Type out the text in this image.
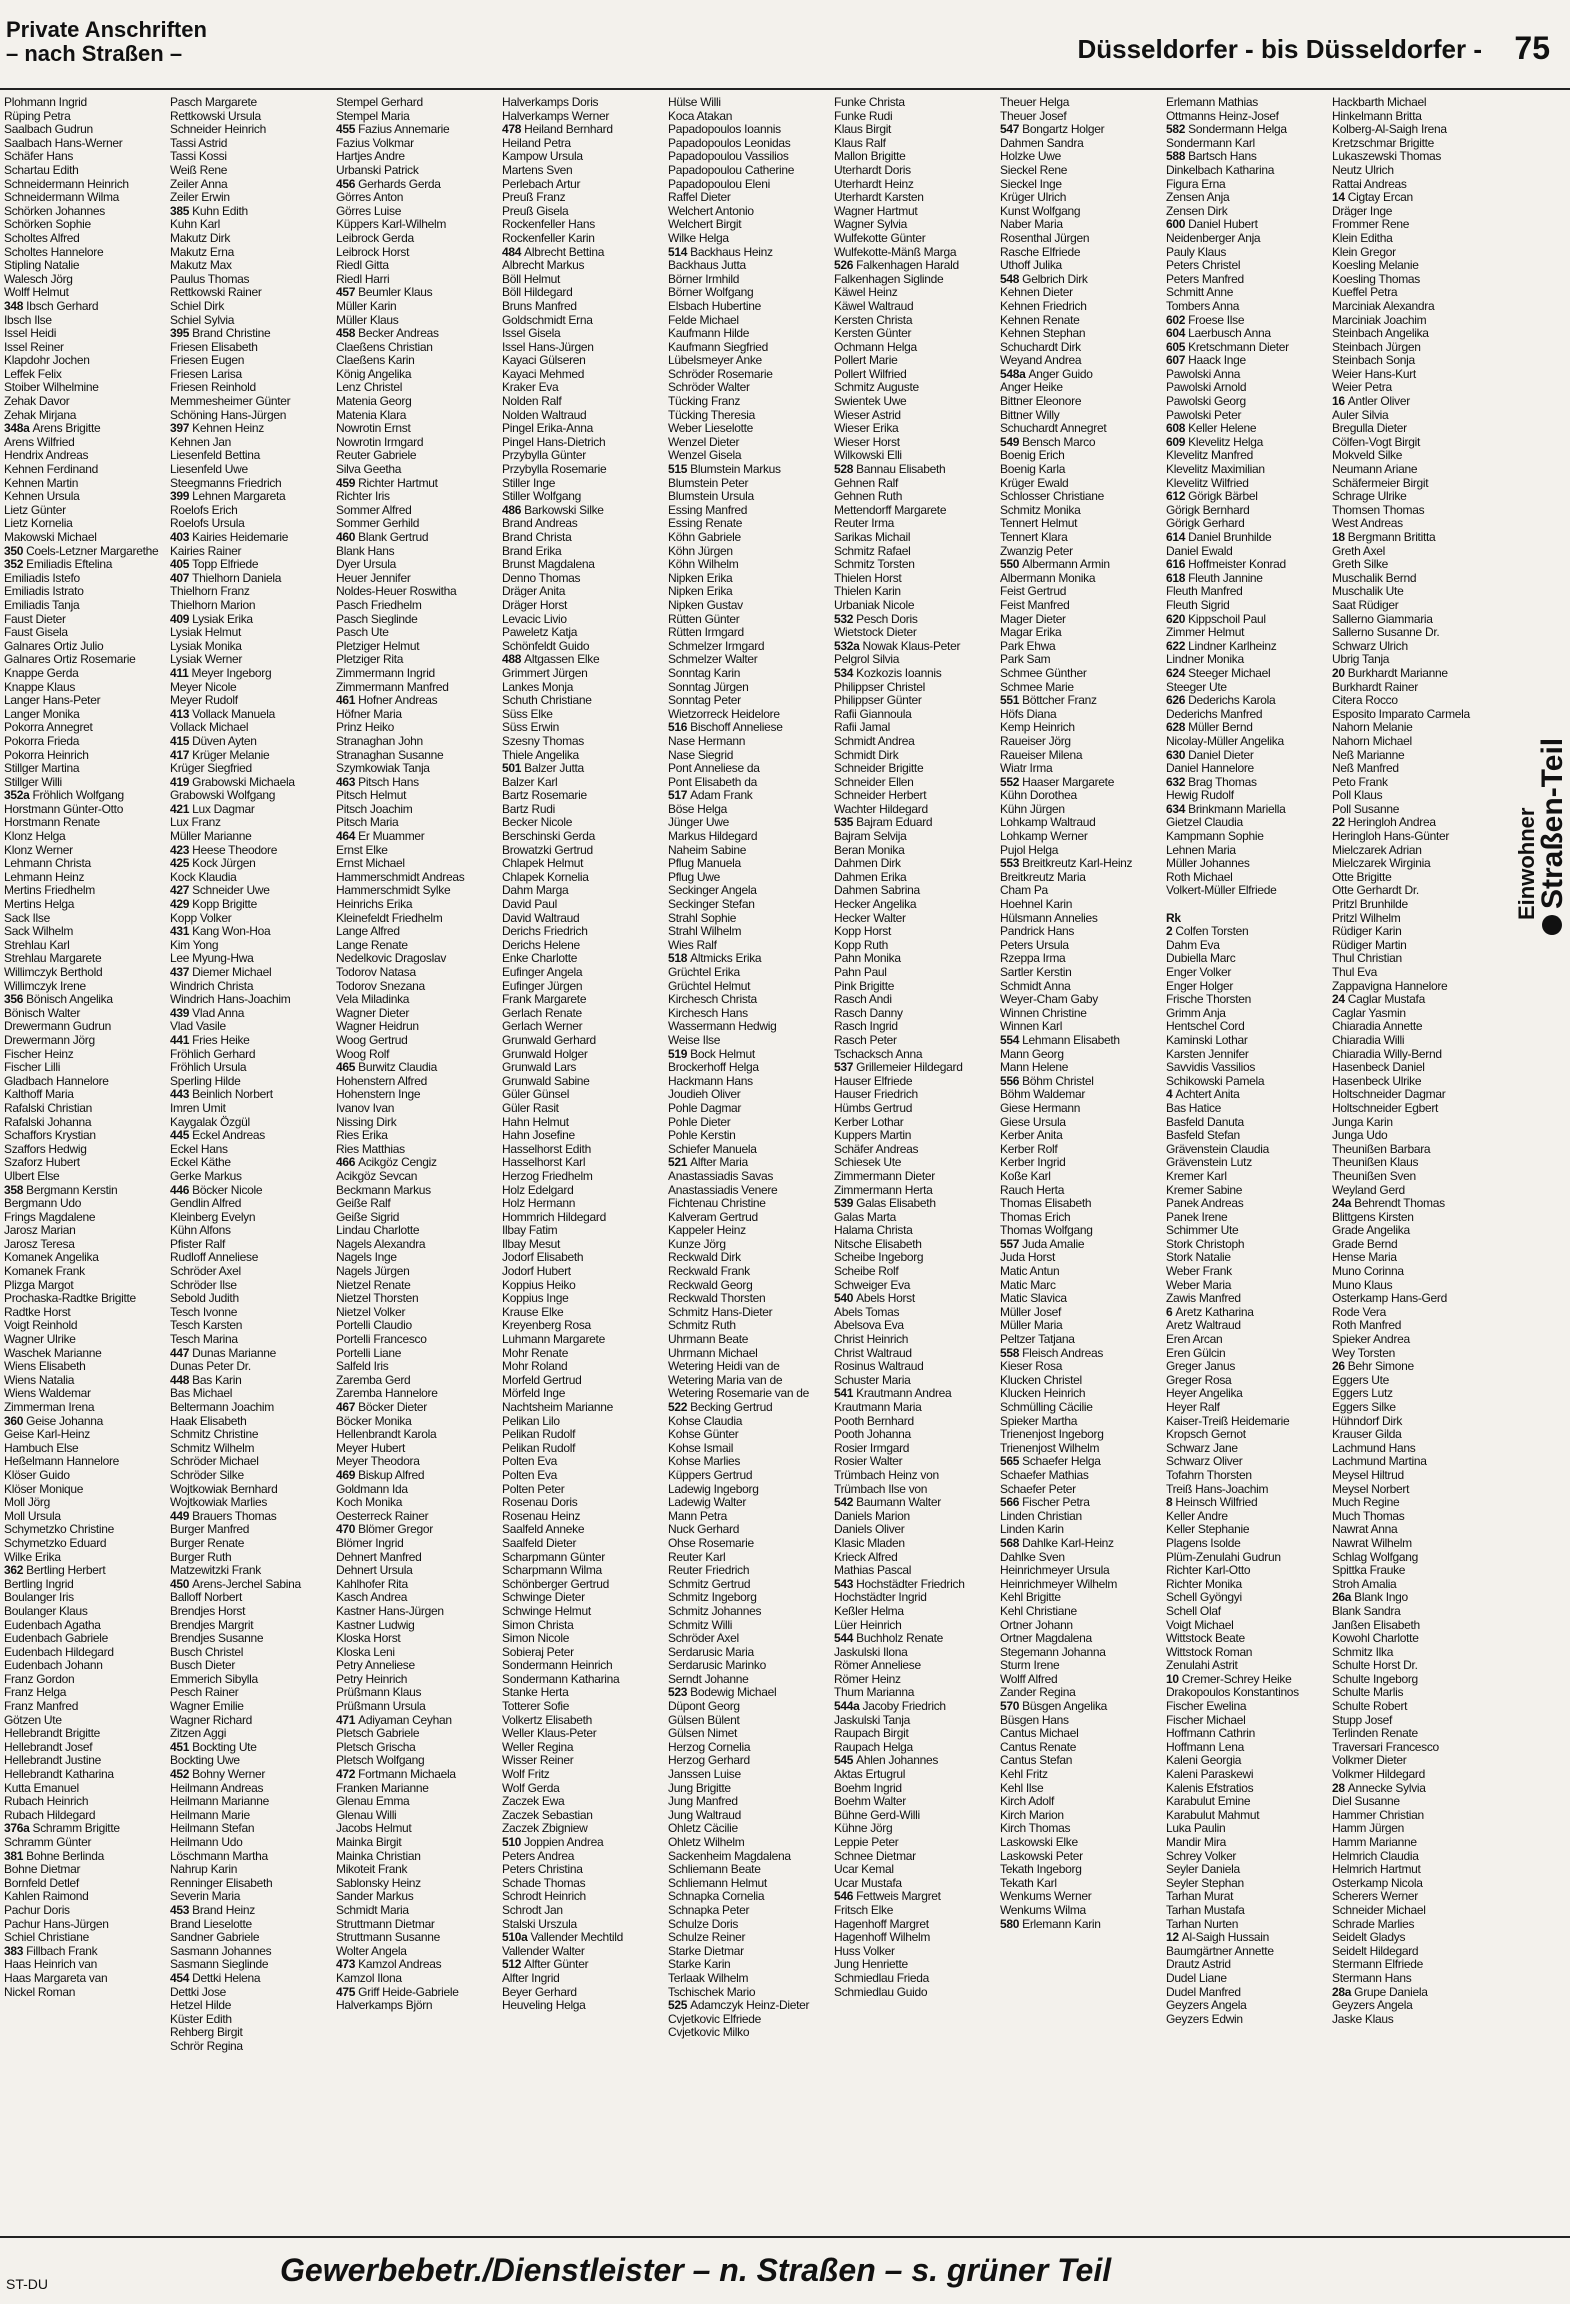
Private Anschriften
– nach Straßen –	Düsseldorfer - bis Düsseldorfer - 75
Plohmann Ingrid
Rüping Petra
Saalbach Gudrun
Saalbach Hans-Werner
Schäfer Hans
Schartau Edith
Schneidermann Heinrich
Schneidermann Wilma
Schörken Johannes
Schörken Sophie
Scholtes Alfred
Scholtes Hannelore
Stipling Natalie
Walesch Jörg
Wolff Helmut
348 Ibsch Gerhard
Ibsch Ilse
Issel Heidi
Issel Reiner
Klapdohr Jochen
Leffek Felix
Stoiber Wilhelmine
Zehak Davor
Zehak Mirjana
348a Arens Brigitte
Arens Wilfried
Hendrix Andreas
Kehnen Ferdinand
Kehnen Martin
Kehnen Ursula
Lietz Günter
Lietz Kornelia
Makowski Michael
350 Coels-Letzner Margarethe
352 Emiliadis Eftelina
Emiliadis Istefo
Emiliadis Istrato
Emiliadis Tanja
Faust Dieter
Faust Gisela
Galnares Ortiz Julio
Galnares Ortiz Rosemarie
Knappe Gerda
Knappe Klaus
Langer Hans-Peter
Langer Monika
Pokorra Annegret
Pokorra Frieda
Pokorra Heinrich
Stillger Martina
Stillger Willi
352a Fröhlich Wolfgang
Horstmann Günter-Otto
Horstmann Renate
Klonz Helga
Klonz Werner
Lehmann Christa
Lehmann Heinz
Mertins Friedhelm
Mertins Helga
Sack Ilse
Sack Wilhelm
Strehlau Karl
Strehlau Margarete
Willimczyk Berthold
Willimczyk Irene
356 Bönisch Angelika
Bönisch Walter
Drewermann Gudrun
Drewermann Jörg
Fischer Heinz
Fischer Lilli
Gladbach Hannelore
Kalthoff Maria
Rafalski Christian
Rafalski Johanna
Schaffors Krystian
Szaffors Hedwig
Szaforz Hubert
Ulbert Else
358 Bergmann Kerstin
Bergmann Udo
Frings Magdalene
Jarosz Marian
Jarosz Teresa
Komanek Angelika
Komanek Frank
Plizga Margot
Prochaska-Radtke Brigitte
Radtke Horst
Voigt Reinhold
Wagner Ulrike
Waschek Marianne
Wiens Elisabeth
Wiens Natalia
Wiens Waldemar
Zimmerman Irena
360 Geise Johanna
Geise Karl-Heinz
Hambuch Else
Heßelmann Hannelore
Klöser Guido
Klöser Monique
Moll Jörg
Moll Ursula
Schymetzko Christine
Schymetzko Eduard
Wilke Erika
362 Bertling Herbert
Bertling Ingrid
Boulanger Iris
Boulanger Klaus
Eudenbach Agatha
Eudenbach Gabriele
Eudenbach Hildegard
Eudenbach Johann
Franz Gordon
Franz Helga
Franz Manfred
Götzen Ute
Hellebrandt Brigitte
Hellebrandt Josef
Hellebrandt Justine
Hellebrandt Katharina
Kutta Emanuel
Rubach Heinrich
Rubach Hildegard
376a Schramm Brigitte
Schramm Günter
381 Bohne Berlinda
Bohne Dietmar
Bornfeld Detlef
Kahlen Raimond
Pachur Doris
Pachur Hans-Jürgen
Schiel Christiane
383 Fillbach Frank
Haas Heinrich van
Haas Margareta van
Nickel Roman
Pasch Margarete
Rettkowski Ursula
Schneider Heinrich
Tassi Astrid
Tassi Kossi
Weiß Rene
Zeiler Anna
Zeiler Erwin
385 Kuhn Edith
Kuhn Karl
Makutz Dirk
Makutz Erna
Makutz Max
Paulus Thomas
Rettkowski Rainer
Schiel Dirk
Schiel Sylvia
395 Brand Christine
Friesen Elisabeth
Friesen Eugen
Friesen Larisa
Friesen Reinhold
Memmesheimer Günter
Schöning Hans-Jürgen
397 Kehnen Heinz
Kehnen Jan
Liesenfeld Bettina
Liesenfeld Uwe
Steegmanns Friedrich
399 Lehnen Margareta
Roelofs Erich
Roelofs Ursula
403 Kairies Heidemarie
Kairies Rainer
405 Topp Elfriede
407 Thielhorn Daniela
Thielhorn Franz
Thielhorn Marion
409 Lysiak Erika
Lysiak Helmut
Lysiak Monika
Lysiak Werner
411 Meyer Ingeborg
Meyer Nicole
Meyer Rudolf
413 Vollack Manuela
Vollack Michael
415 Düven Ayten
417 Krüger Melanie
Krüger Siegfried
419 Grabowski Michaela
Grabowski Wolfgang
421 Lux Dagmar
Lux Franz
Müller Marianne
423 Heese Theodore
425 Kock Jürgen
Kock Klaudia
427 Schneider Uwe
429 Kopp Brigitte
Kopp Volker
431 Kang Won-Hoa
Kim Yong
Lee Myung-Hwa
437 Diemer Michael
Windrich Christa
Windrich Hans-Joachim
439 Vlad Anna
Vlad Vasile
441 Fries Heike
Fröhlich Gerhard
Fröhlich Ursula
Sperling Hilde
443 Beinlich Norbert
Imren Umit
Kaygalak Özgül
445 Eckel Andreas
Eckel Hans
Eckel Käthe
Gerke Markus
446 Böcker Nicole
Gendlin Alfred
Kleinberg Evelyn
Kühn Alfons
Pfister Ralf
Rudloff Anneliese
Schröder Axel
Schröder Ilse
Sebold Judith
Tesch Ivonne
Tesch Karsten
Tesch Marina
447 Dunas Marianne
Dunas Peter Dr.
448 Bas Karin
Bas Michael
Beltermann Joachim
Haak Elisabeth
Schmitz Christine
Schmitz Wilhelm
Schröder Michael
Schröder Silke
Wojtkowiak Bernhard
Wojtkowiak Marlies
449 Brauers Thomas
Burger Manfred
Burger Renate
Burger Ruth
Matzewitzki Frank
450 Arens-Jerchel Sabina
Balloff Norbert
Brendjes Horst
Brendjes Margrit
Brendjes Susanne
Busch Christel
Busch Dieter
Emmerich Sibylla
Pesch Rainer
Wagner Emilie
Wagner Richard
Zitzen Aggi
451 Bockting Ute
Bockting Uwe
452 Bohny Werner
Heilmann Andreas
Heilmann Marianne
Heilmann Marie
Heilmann Stefan
Heilmann Udo
Löschmann Martha
Nahrup Karin
Renninger Elisabeth
Severin Maria
453 Brand Heinz
Brand Lieselotte
Sandner Gabriele
Sasmann Johannes
Sasmann Sieglinde
454 Dettki Helena
Dettki Jose
Hetzel Hilde
Küster Edith
Rehberg Birgit
Schrör Regina
Stempel Gerhard
Stempel Maria
455 Fazius Annemarie
Fazius Volkmar
Hartjes Andre
Urbanski Patrick
456 Gerhards Gerda
Görres Anton
Görres Luise
Küppers Karl-Wilhelm
Leibrock Gerda
Leibrock Horst
Riedl Gitta
Riedl Harri
457 Beumler Klaus
Müller Karin
Müller Klaus
458 Becker Andreas
Claeßens Christian
Claeßens Karin
König Angelika
Lenz Christel
Matenia Georg
Matenia Klara
Nowrotin Ernst
Nowrotin Irmgard
Reuter Gabriele
Silva Geetha
459 Richter Hartmut
Richter Iris
Sommer Alfred
Sommer Gerhild
460 Blank Gertrud
Blank Hans
Dyer Ursula
Heuer Jennifer
Noldes-Heuer Roswitha
Pasch Friedhelm
Pasch Sieglinde
Pasch Ute
Pletziger Helmut
Pletziger Rita
Zimmermann Ingrid
Zimmermann Manfred
461 Hofner Andreas
Höfner Maria
Prinz Heiko
Stranaghan John
Stranaghan Susanne
Szymkowiak Tanja
463 Pitsch Hans
Pitsch Helmut
Pitsch Joachim
Pitsch Maria
464 Er Muammer
Ernst Elke
Ernst Michael
Hammerschmidt Andreas
Hammerschmidt Sylke
Heinrichs Erika
Kleinefeldt Friedhelm
Lange Alfred
Lange Renate
Nedelkovic Dragoslav
Todorov Natasa
Todorov Snezana
Vela Miladinka
Wagner Dieter
Wagner Heidrun
Woog Gertrud
Woog Rolf
465 Burwitz Claudia
Hohenstern Alfred
Hohenstern Inge
Ivanov Ivan
Nissing Dirk
Ries Erika
Ries Matthias
466 Acikgöz Cengiz
Acikgöz Sevcan
Beckmann Markus
Geiße Ralf
Geiße Sigrid
Lindau Charlotte
Nagels Alexandra
Nagels Inge
Nagels Jürgen
Nietzel Renate
Nietzel Thorsten
Nietzel Volker
Portelli Claudio
Portelli Francesco
Portelli Liane
Salfeld Iris
Zaremba Gerd
Zaremba Hannelore
467 Böcker Dieter
Böcker Monika
Hellenbrandt Karola
Meyer Hubert
Meyer Theodora
469 Biskup Alfred
Goldmann Ida
Koch Monika
Oesterreck Rainer
470 Blömer Gregor
Blömer Ingrid
Dehnert Manfred
Dehnert Ursula
Kahlhofer Rita
Kasch Andrea
Kastner Hans-Jürgen
Kastner Ludwig
Kloska Horst
Kloska Leni
Petry Anneliese
Petry Heinrich
Prüßmann Klaus
Prüßmann Ursula
471 Adiyaman Ceyhan
Pletsch Gabriele
Pletsch Grischa
Pletsch Wolfgang
472 Fortmann Michaela
Franken Marianne
Glenau Emma
Glenau Willi
Jacobs Helmut
Mainka Birgit
Mainka Christian
Mikoteit Frank
Sablonsky Heinz
Sander Markus
Schmidt Maria
Struttmann Dietmar
Struttmann Susanne
Wolter Angela
473 Kamzol Andreas
Kamzol Ilona
475 Griff Heide-Gabriele
Halverkamps Björn
Halverkamps Doris
Halverkamps Werner
478 Heiland Bernhard
Heiland Petra
Kampow Ursula
Martens Sven
Perlebach Artur
Preuß Franz
Preuß Gisela
Rockenfeller Hans
Rockenfeller Karin
484 Albrecht Bettina
Albrecht Markus
Böll Helmut
Böll Hildegard
Bruns Manfred
Goldschmidt Erna
Issel Gisela
Issel Hans-Jürgen
Kayaci Gülseren
Kayaci Mehmed
Kraker Eva
Nolden Ralf
Nolden Waltraud
Pingel Erika-Anna
Pingel Hans-Dietrich
Przybylla Günter
Przybylla Rosemarie
Stiller Inge
Stiller Wolfgang
486 Barkowski Silke
Brand Andreas
Brand Christa
Brand Erika
Brunst Magdalena
Denno Thomas
Dräger Anita
Dräger Horst
Levacic Livio
Paweletz Katja
Schönfeldt Guido
488 Altgassen Elke
Grimmert Jürgen
Lankes Monja
Schuth Christiane
Süss Elke
Süss Erwin
Szesny Thomas
Thiele Angelika
501 Balzer Jutta
Balzer Karl
Bartz Rosemarie
Bartz Rudi
Becker Nicole
Berschinski Gerda
Browatzki Gertrud
Chlapek Helmut
Chlapek Kornelia
Dahm Marga
David Paul
David Waltraud
Derichs Friedrich
Derichs Helene
Enke Charlotte
Eufinger Angela
Eufinger Jürgen
Frank Margarete
Gerlach Renate
Gerlach Werner
Grunwald Gerhard
Grunwald Holger
Grunwald Lars
Grunwald Sabine
Güler Günsel
Güler Rasit
Hahn Helmut
Hahn Josefine
Hasselhorst Edith
Hasselhorst Karl
Herzog Friedhelm
Holz Edelgard
Holz Hermann
Hommrich Hildegard
Ilbay Fatim
Ilbay Mesut
Jodorf Elisabeth
Jodorf Hubert
Koppius Heiko
Koppius Inge
Krause Elke
Kreyenberg Rosa
Luhmann Margarete
Mohr Renate
Mohr Roland
Morfeld Gertrud
Mörfeld Inge
Nachtsheim Marianne
Pelikan Lilo
Pelikan Rudolf
Pelikan Rudolf
Polten Eva
Polten Eva
Polten Peter
Rosenau Doris
Rosenau Heinz
Saalfeld Anneke
Saalfeld Dieter
Scharpmann Günter
Scharpmann Wilma
Schönberger Gertrud
Schwinge Dieter
Schwinge Helmut
Simon Christa
Simon Nicole
Sobieraj Peter
Sondermann Heinrich
Sondermann Katharina
Stanke Herta
Totterer Sofie
Volkertz Elisabeth
Weller Klaus-Peter
Weller Regina
Wisser Reiner
Wolf Fritz
Wolf Gerda
Zaczek Ewa
Zaczek Sebastian
Zaczek Zbigniew
510 Joppien Andrea
Peters Andrea
Peters Christina
Schade Thomas
Schrodt Heinrich
Schrodt Jan
Stalski Urszula
510a Vallender Mechtild
Vallender Walter
512 Alfter Günter
Alfter Ingrid
Beyer Gerhard
Heuveling Helga
Hülse Willi
Koca Atakan
Papadopoulos Ioannis
Papadopoulos Leonidas
Papadopoulou Vassilios
Papadopoulou Catherine
Papadopoulou Eleni
Raffel Dieter
Welchert Antonio
Welchert Birgit
Wilke Helga
514 Backhaus Heinz
Backhaus Jutta
Börner Irmhild
Börner Wolfgang
Elsbach Hubertine
Felde Michael
Kaufmann Hilde
Kaufmann Siegfried
Lübelsmeyer Anke
Schröder Rosemarie
Schröder Walter
Tücking Franz
Tücking Theresia
Weber Lieselotte
Wenzel Dieter
Wenzel Gisela
515 Blumstein Markus
Blumstein Peter
Blumstein Ursula
Essing Manfred
Essing Renate
Köhn Gabriele
Köhn Jürgen
Köhn Wilhelm
Nipken Erika
Nipken Erika
Nipken Gustav
Rütten Günter
Rütten Irmgard
Schmelzer Irmgard
Schmelzer Walter
Sonntag Karin
Sonntag Jürgen
Sonntag Peter
Wietzorreck Heidelore
516 Bischoff Anneliese
Nase Hermann
Nase Siegrid
Pont Anneliese da
Pont Elisabeth da
517 Adam Frank
Böse Helga
Jünger Uwe
Markus Hildegard
Naheim Sabine
Pflug Manuela
Pflug Uwe
Seckinger Angela
Seckinger Stefan
Strahl Sophie
Strahl Wilhelm
Wies Ralf
518 Altmicks Erika
Grüchtel Erika
Grüchtel Helmut
Kirchesch Christa
Kirchesch Hans
Wassermann Hedwig
Weise Ilse
519 Bock Helmut
Brockerhoff Helga
Hackmann Hans
Joudieh Oliver
Pohle Dagmar
Pohle Dieter
Pohle Kerstin
Schiefer Manuela
521 Alfter Maria
Anastassiadis Savas
Anastassiadis Venere
Fichtenau Christine
Kalveram Gertrud
Kappeler Heinz
Kunze Jörg
Reckwald Dirk
Reckwald Frank
Reckwald Georg
Reckwald Thorsten
Schmitz Hans-Dieter
Schmitz Ruth
Uhrmann Beate
Uhrmann Michael
Wetering Heidi van de
Wetering Maria van de
Wetering Rosemarie van de
522 Becking Gertrud
Kohse Claudia
Kohse Günter
Kohse Ismail
Kohse Marlies
Küppers Gertrud
Ladewig Ingeborg
Ladewig Walter
Mann Petra
Nuck Gerhard
Ohse Rosemarie
Reuter Karl
Reuter Friedrich
Schmitz Gertrud
Schmitz Ingeborg
Schmitz Johannes
Schmitz Willi
Schröder Axel
Serdarusic Maria
Serdarusic Marinko
Serndt Johanne
523 Bodewig Michael
Düpont Georg
Gülsen Bülent
Gülsen Nimet
Herzog Cornelia
Herzog Gerhard
Janssen Luise
Jung Brigitte
Jung Manfred
Jung Waltraud
Ohletz Cäcilie
Ohletz Wilhelm
Sackenheim Magdalena
Schliemann Beate
Schliemann Helmut
Schnapka Cornelia
Schnapka Peter
Schulze Doris
Schulze Reiner
Starke Dietmar
Starke Karin
Terlaak Wilhelm
Tschischek Mario
525 Adamczyk Heinz-Dieter
Cvjetkovic Elfriede
Cvjetkovic Milko
Funke Christa
Funke Rudi
Klaus Birgit
Klaus Ralf
Mallon Brigitte
Uterhardt Doris
Uterhardt Heinz
Uterhardt Karsten
Wagner Hartmut
Wagner Sylvia
Wulfekotte Günter
Wulfekotte-Mänß Marga
526 Falkenhagen Harald
Falkenhagen Siglinde
Käwel Heinz
Käwel Waltraud
Kersten Christa
Kersten Günter
Ochmann Helga
Pollert Marie
Pollert Wilfried
Schmitz Auguste
Swientek Uwe
Wieser Astrid
Wieser Erika
Wieser Horst
Wilkowski Elli
528 Bannau Elisabeth
Gehnen Ralf
Gehnen Ruth
Mettendorff Margarete
Reuter Irma
Sarikas Michail
Schmitz Rafael
Schmitz Torsten
Thielen Horst
Thielen Karin
Urbaniak Nicole
532 Pesch Doris
Wietstock Dieter
532a Nowak Klaus-Peter
Pelgrol Silvia
534 Kozkozis Ioannis
Philippser Christel
Philippser Günter
Rafii Giannoula
Rafii Jamal
Schmidt Andrea
Schmidt Dirk
Schneider Brigitte
Schneider Ellen
Schneider Herbert
Wachter Hildegard
535 Bajram Eduard
Bajram Selvija
Beran Monika
Dahmen Dirk
Dahmen Erika
Dahmen Sabrina
Hecker Angelika
Hecker Walter
Kopp Horst
Kopp Ruth
Pahn Monika
Pahn Paul
Pink Brigitte
Rasch Andi
Rasch Danny
Rasch Ingrid
Rasch Peter
Tschacksch Anna
537 Grillemeier Hildegard
Hauser Elfriede
Hauser Friedrich
Hümbs Gertrud
Kerber Lothar
Kuppers Martin
Schäfer Andreas
Schiesek Ute
Zimmermann Dieter
Zimmermann Herta
539 Galas Elisabeth
Galas Marta
Halama Christa
Nitsche Elisabeth
Scheibe Ingeborg
Scheibe Rolf
Schweiger Eva
540 Abels Horst
Abels Tomas
Abelsova Eva
Christ Heinrich
Christ Waltraud
Rosinus Waltraud
Schuster Maria
541 Krautmann Andrea
Krautmann Maria
Pooth Bernhard
Pooth Johanna
Rosier Irmgard
Rosier Walter
Trümbach Heinz von
Trümbach Ilse von
542 Baumann Walter
Daniels Marion
Daniels Oliver
Klasic Mladen
Krieck Alfred
Mathias Pascal
543 Hochstädter Friedrich
Hochstädter Ingrid
Keßler Helma
Lüer Heinrich
544 Buchholz Renate
Jaskulski Ilona
Römer Anneliese
Römer Heinz
Thum Marianna
544a Jacoby Friedrich
Jaskulski Tanja
Raupach Birgit
Raupach Helga
545 Ahlen Johannes
Aktas Ertugrul
Boehm Ingrid
Boehm Walter
Bühne Gerd-Willi
Kühne Jörg
Leppie Peter
Schnee Dietmar
Ucar Kemal
Ucar Mustafa
546 Fettweis Margret
Fritsch Elke
Hagenhoff Margret
Hagenhoff Wilhelm
Huss Volker
Jung Henriette
Schmiedlau Frieda
Schmiedlau Guido
Theuer Helga
Theuer Josef
547 Bongartz Holger
Dahmen Sandra
Holzke Uwe
Sieckel Rene
Sieckel Inge
Krüger Ulrich
Kunst Wolfgang
Naber Maria
Rosenthal Jürgen
Rasche Elfriede
Uthoff Julika
548 Gelbrich Dirk
Kehnen Dieter
Kehnen Friedrich
Kehnen Renate
Kehnen Stephan
Schuchardt Dirk
Weyand Andrea
548a Anger Guido
Anger Heike
Bittner Eleonore
Bittner Willy
Schuchardt Annegret
549 Bensch Marco
Boenig Erich
Boenig Karla
Krüger Ewald
Schlosser Christiane
Schmitz Monika
Tennert Helmut
Tennert Klara
Zwanzig Peter
550 Albermann Armin
Albermann Monika
Feist Gertrud
Feist Manfred
Mager Dieter
Magar Erika
Park Ehwa
Park Sam
Schmee Günther
Schmee Marie
551 Böttcher Franz
Höfs Diana
Kemp Heinrich
Raueiser Jörg
Raueiser Milena
Wiatr Irma
552 Haaser Margarete
Kühn Dorothea
Kühn Jürgen
Lohkamp Waltraud
Lohkamp Werner
Pujol Helga
553 Breitkreutz Karl-Heinz
Breitkreutz Maria
Cham Pa
Hoehnel Karin
Hülsmann Annelies
Pandrick Hans
Peters Ursula
Rzeppa Irma
Sartler Kerstin
Schmidt Anna
Weyer-Cham Gaby
Winnen Christine
Winnen Karl
554 Lehmann Elisabeth
Mann Georg
Mann Helene
556 Böhm Christel
Böhm Waldemar
Giese Hermann
Giese Ursula
Kerber Anita
Kerber Rolf
Kerber Ingrid
Koße Karl
Rauch Herta
Thomas Elisabeth
Thomas Erich
Thomas Wolfgang
557 Juda Amalie
Juda Horst
Matic Antun
Matic Marc
Matic Slavica
Müller Josef
Müller Maria
Peltzer Tatjana
558 Fleisch Andreas
Kieser Rosa
Klucken Christel
Klucken Heinrich
Schmülling Cäcilie
Spieker Martha
Trienenjost Ingeborg
Trienenjost Wilhelm
565 Schaefer Helga
Schaefer Mathias
Schaefer Peter
566 Fischer Petra
Linden Christian
Linden Karin
568 Dahlke Karl-Heinz
Dahlke Sven
Heinrichmeyer Ursula
Heinrichmeyer Wilhelm
Kehl Brigitte
Kehl Christiane
Ortner Johann
Ortner Magdalena
Stegemann Johanna
Sturm Irene
Wolff Alfred
Zander Regina
570 Büsgen Angelika
Büsgen Hans
Cantus Michael
Cantus Renate
Cantus Stefan
Kehl Fritz
Kehl Ilse
Kirch Adolf
Kirch Marion
Kirch Thomas
Laskowski Elke
Laskowski Peter
Tekath Ingeborg
Tekath Karl
Wenkums Werner
Wenkums Wilma
580 Erlemann Karin
Erlemann Mathias
Ottmanns Heinz-Josef
582 Sondermann Helga
Sondermann Karl
588 Bartsch Hans
Dinkelbach Katharina
Figura Erna
Zensen Anja
Zensen Dirk
600 Daniel Hubert
Neidenberger Anja
Pauly Klaus
Peters Christel
Peters Manfred
Schmitt Anne
Tombers Anna
602 Froese Ilse
604 Laerbusch Anna
605 Kretschmann Dieter
607 Haack Inge
Pawolski Anna
Pawolski Arnold
Pawolski Georg
Pawolski Peter
608 Keller Helene
609 Klevelitz Helga
Klevelitz Manfred
Klevelitz Maximilian
Klevelitz Wilfried
612 Görigk Bärbel
Görigk Bernhard
Görigk Gerhard
614 Daniel Brunhilde
Daniel Ewald
616 Hoffmeister Konrad
618 Fleuth Jannine
Fleuth Manfred
Fleuth Sigrid
620 Kippschoil Paul
Zimmer Helmut
622 Lindner Karlheinz
Lindner Monika
624 Steeger Michael
Steeger Ute
626 Dederichs Karola
Dederichs Manfred
628 Müller Bernd
Nicolay-Müller Angelika
630 Daniel Dieter
Daniel Hannelore
632 Brag Thomas
Hewig Rudolf
634 Brinkmann Mariella
Gietzel Claudia
Kampmann Sophie
Lehnen Maria
Müller Johannes
Roth Michael
Volkert-Müller Elfriede

Rk
2 Colfen Torsten
Dahm Eva
Dubiella Marc
Enger Volker
Enger Holger
Frische Thorsten
Grimm Anja
Hentschel Cord
Kaminski Lothar
Karsten Jennifer
Savvidis Vassilios
Schikowski Pamela
4 Achtert Anita
Bas Hatice
Basfeld Danuta
Basfeld Stefan
Grävenstein Claudia
Grävenstein Lutz
Kremer Karl
Kremer Sabine
Panek Andreas
Panek Irene
Schimmer Ute
Stork Christoph
Stork Natalie
Weber Frank
Weber Maria
Zawis Manfred
6 Aretz Katharina
Aretz Waltraud
Eren Arcan
Eren Gülcin
Greger Janus
Greger Rosa
Heyer Angelika
Heyer Ralf
Kaiser-Treiß Heidemarie
Kropsch Gernot
Schwarz Jane
Schwarz Oliver
Tofahrn Thorsten
Treiß Hans-Joachim
8 Heinsch Wilfried
Keller Andre
Keller Stephanie
Plagens Isolde
Plüm-Zenulahi Gudrun
Richter Karl-Otto
Richter Monika
Schell Gyöngyi
Schell Olaf
Voigt Michael
Wittstock Beate
Wittstock Roman
Zenulahi Astrit
10 Cremer-Schrey Heike
Drakopoulos Konstantinos
Fischer Ewelina
Fischer Michael
Hoffmann Cathrin
Hoffmann Lena
Kaleni Georgia
Kaleni Paraskewi
Kalenis Efstratios
Karabulut Emine
Karabulut Mahmut
Luka Paulin
Mandir Mira
Schrey Volker
Seyler Daniela
Seyler Stephan
Tarhan Murat
Tarhan Mustafa
Tarhan Nurten
12 Al-Saigh Hussain
Baumgärtner Annette
Drautz Astrid
Dudel Liane
Dudel Manfred
Geyzers Angela
Geyzers Edwin
Hackbarth Michael
Hinkelmann Britta
Kolberg-Al-Saigh Irena
Kretzschmar Brigitte
Lukaszewski Thomas
Neutz Ulrich
Rattai Andreas
14 Cigtay Ercan
Dräger Inge
Frommer Rene
Klein Editha
Klein Gregor
Koesling Melanie
Koesling Thomas
Kueffel Petra
Marciniak Alexandra
Marciniak Joachim
Steinbach Angelika
Steinbach Jürgen
Steinbach Sonja
Weier Hans-Kurt
Weier Petra
16 Antler Oliver
Auler Silvia
Bregulla Dieter
Cölfen-Vogt Birgit
Mokveld Silke
Neumann Ariane
Schäfermeier Birgit
Schrage Ulrike
Thomsen Thomas
West Andreas
18 Bergmann Brititta
Greth Axel
Greth Silke
Muschalik Bernd
Muschalik Ute
Saat Rüdiger
Sallerno Giammaria
Sallerno Susanne Dr.
Schwarz Ulrich
Ubrig Tanja
20 Burkhardt Marianne
Burkhardt Rainer
Citera Rocco
Esposito Imparato Carmela
Nahorn Melanie
Nahorn Michael
Neß Marianne
Neß Manfred
Peto Frank
Poll Klaus
Poll Susanne
22 Heringloh Andrea
Heringloh Hans-Günter
Mielczarek Adrian
Mielczarek Wirginia
Otte Brigitte
Otte Gerhardt Dr.
Pritzl Brunhilde
Pritzl Wilhelm
Rüdiger Karin
Rüdiger Martin
Thul Christian
Thul Eva
Zappavigna Hannelore
24 Caglar Mustafa
Caglar Yasmin
Chiaradia Annette
Chiaradia Willi
Chiaradia Willy-Bernd
Hasenbeck Daniel
Hasenbeck Ulrike
Holtschneider Dagmar
Holtschneider Egbert
Junga Karin
Junga Udo
Theunißen Barbara
Theunißen Klaus
Theunißen Sven
Weyland Gerd
24a Behrendt Thomas
Blittgens Kirsten
Grade Angelika
Grade Bernd
Hense Maria
Muno Corinna
Muno Klaus
Osterkamp Hans-Gerd
Rode Vera
Roth Manfred
Spieker Andrea
Wey Torsten
26 Behr Simone
Eggers Ute
Eggers Lutz
Eggers Silke
Hühndorf Dirk
Krauser Gilda
Lachmund Hans
Lachmund Martina
Meysel Hiltrud
Meysel Norbert
Much Regine
Much Thomas
Nawrat Anna
Nawrat Wilhelm
Schlag Wolfgang
Spittka Frauke
Stroh Amalia
26a Blank Ingo
Blank Sandra
Janßen Elisabeth
Kowohl Charlotte
Schmitz Ilka
Schulte Horst Dr.
Schulte Ingeborg
Schulte Marlis
Schulte Robert
Stupp Josef
Terlinden Renate
Traversari Francesco
Volkmer Dieter
Volkmer Hildegard
28 Annecke Sylvia
Diel Susanne
Hammer Christian
Hamm Jürgen
Hamm Marianne
Helmrich Claudia
Helmrich Hartmut
Osterkamp Nicola
Scherers Werner
Schneider Michael
Schrade Marlies
Seidelt Gladys
Seidelt Hildegard
Stermann Elfriede
Stermann Hans
28a Grupe Daniela
Geyzers Angela
Jaske Klaus
Einwohner
Straßen-Teil
ST-DU	Gewerbebetr./Dienstleister – n. Straßen – s. grüner Teil
